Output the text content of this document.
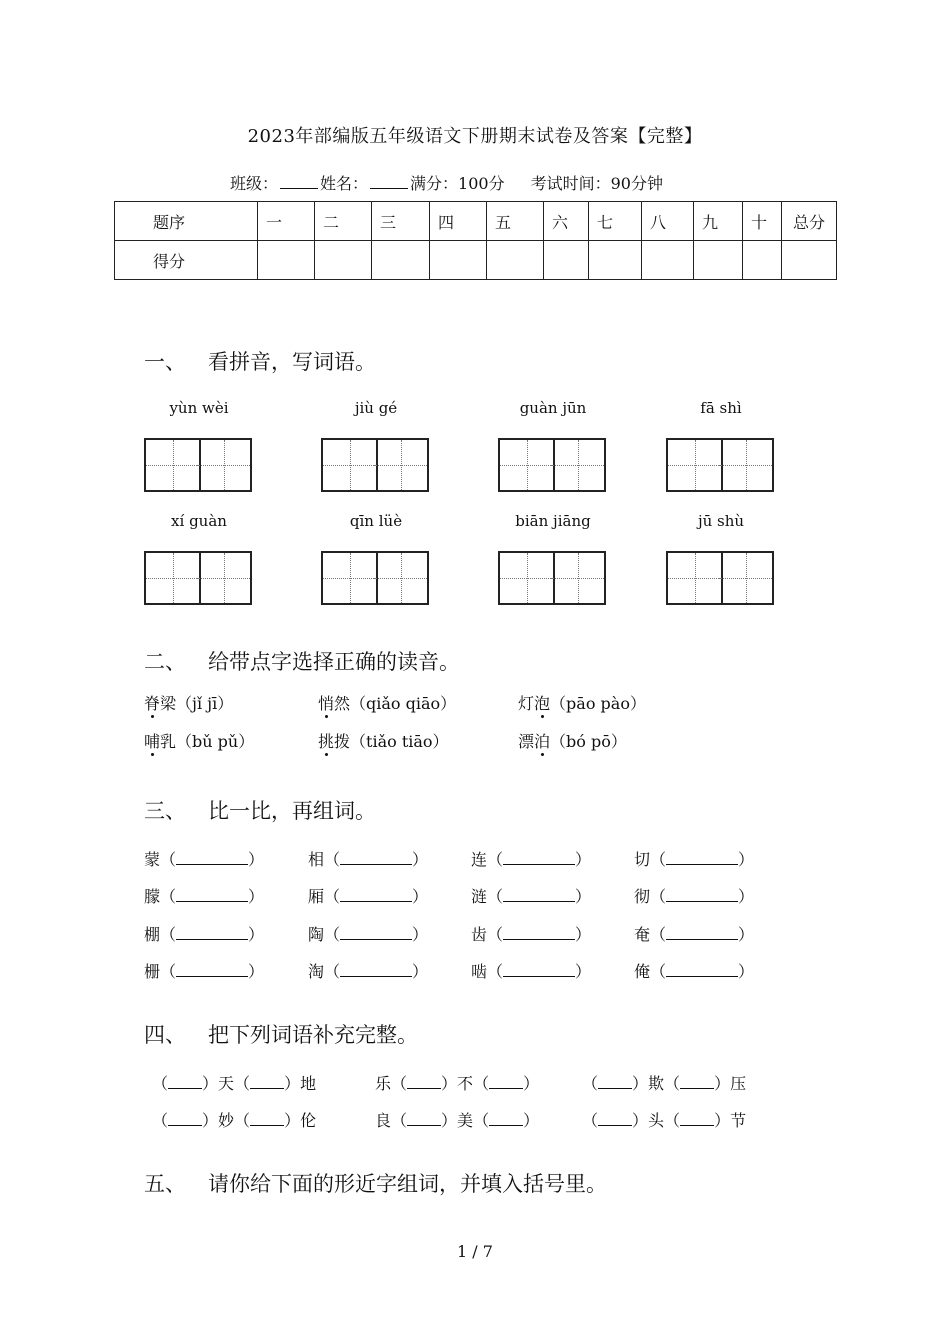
2023年部编版五年级语文下册期末试卷及答案【完整】
班级：	姓名：	满分：100分 考试时间：90分钟
题序	一	二	三	四	五	六	七	八	九	十	总分
得分											
一、 看拼音，写词语。
yùn wèi	jiù gé	guàn jūn	fā shì
xí guàn	qīn lüè	biān jiāng	jū shù
二、 给带点字选择正确的读音。
脊梁（jǐ jī）	悄然（qiǎo qiāo）	灯泡（pāo pào）
哺乳（bǔ pǔ）	挑拨（tiǎo tiāo）	漂泊（bó pō）
三、 比一比，再组词。
蒙（	）	相（	）	连（	）	切（	）
朦（	）	厢（	）	涟（	）	彻（	）
棚（	）	陶（	）	齿（	）	奄（	）
栅（	）	淘（	）	啮（	）	俺（	）
四、 把下列词语补充完整。
（ ）天（ ）地	乐（ ）不（ ）	（ ）欺（ ）压
（ ）妙（ ）伦	良（ ）美（ ）	（ ）头（ ）节
五、 请你给下面的形近字组词，并填入括号里。
1 / 7
